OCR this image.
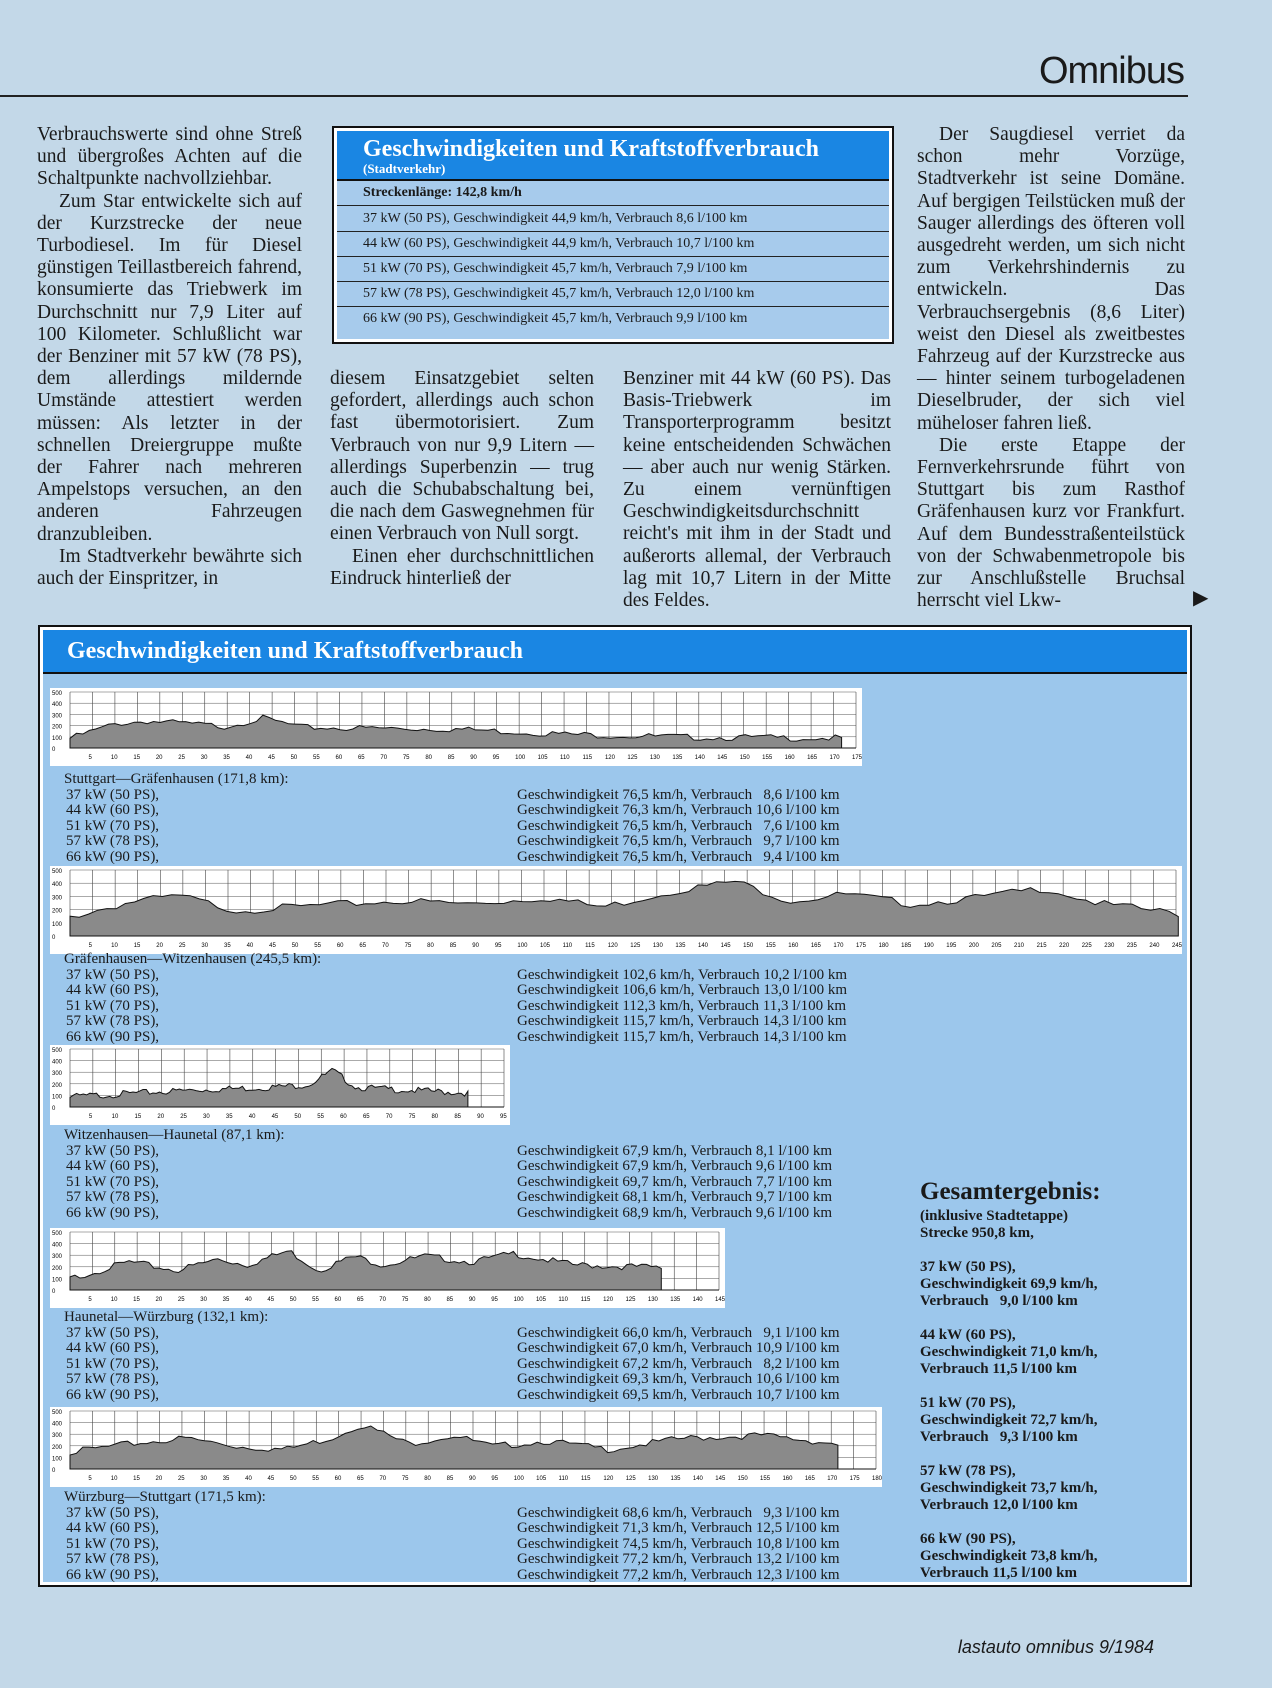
Omnibus

Verbrauchswerte sind ohne Streß und übergroßes Achten auf die Schaltpunkte nachvollziehbar.

Zum Star entwickelte sich auf der Kurzstrecke der neue Turbodiesel. Im für Diesel günstigen Teillastbereich fahrend, konsumierte das Triebwerk im Durchschnitt nur 7,9 Liter auf 100 Kilometer. Schlußlicht war der Benziner mit 57 kW (78 PS), dem allerdings mildernde Umstände attestiert werden müssen: Als letzter in der schnellen Dreiergruppe mußte der Fahrer nach mehreren Ampelstops versuchen, an den anderen Fahrzeugen dranzubleiben.

Im Stadtverkehr bewährte sich auch der Einspritzer, in

Geschwindigkeiten und Kraftstoffverbrauch
(Stadtverkehr)
Streckenlänge: 142,8 km/h
37 kW (50 PS), Geschwindigkeit 44,9 km/h, Verbrauch 8,6 l/100 km
44 kW (60 PS), Geschwindigkeit 44,9 km/h, Verbrauch 10,7 l/100 km
51 kW (70 PS), Geschwindigkeit 45,7 km/h, Verbrauch 7,9 l/100 km
57 kW (78 PS), Geschwindigkeit 45,7 km/h, Verbrauch 12,0 l/100 km
66 kW (90 PS), Geschwindigkeit 45,7 km/h, Verbrauch 9,9 l/100 km

diesem Einsatzgebiet selten gefordert, allerdings auch schon fast übermotorisiert. Zum Verbrauch von nur 9,9 Litern — allerdings Superbenzin — trug auch die Schubabschaltung bei, die nach dem Gaswegnehmen für einen Verbrauch von Null sorgt.

Einen eher durchschnittlichen Eindruck hinterließ der

Benziner mit 44 kW (60 PS). Das Basis-Triebwerk im Transporterprogramm besitzt keine entscheidenden Schwächen — aber auch nur wenig Stärken. Zu einem vernünftigen Geschwindigkeitsdurchschnitt reicht's mit ihm in der Stadt und außerorts allemal, der Verbrauch lag mit 10,7 Litern in der Mitte des Feldes.

Der Saugdiesel verriet da schon mehr Vorzüge, Stadtverkehr ist seine Domäne. Auf bergigen Teilstücken muß der Sauger allerdings des öfteren voll ausgedreht werden, um sich nicht zum Verkehrshindernis zu entwickeln. Das Verbrauchsergebnis (8,6 Liter) weist den Diesel als zweitbestes Fahrzeug auf der Kurzstrecke aus — hinter seinem turbogeladenen Dieselbruder, der sich viel müheloser fahren ließ.

Die erste Etappe der Fernverkehrsrunde führt von Stuttgart bis zum Rasthof Gräfenhausen kurz vor Frankfurt. Auf dem Bundesstraßenteilstück von der Schwabenmetropole bis zur Anschlußstelle Bruchsal herrscht viel Lkw-	▶
Geschwindigkeiten und Kraftstoffverbrauch
500
400
300
200
100
0
5	10	15	20	25	30	35	40	45	50	55	60	65	70	75	80	85	90	95	100 105 110 115 120 125 130 135 140 145 150 155 160 165 170 175
Stuttgart—Gräfenhausen (171,8 km):
37 kW (50 PS),	Geschwindigkeit 76,5 km/h, Verbrauch   8,6 l/100 km
44 kW (60 PS),	Geschwindigkeit 76,3 km/h, Verbrauch 10,6 l/100 km
51 kW (70 PS),	Geschwindigkeit 76,5 km/h, Verbrauch   7,6 l/100 km
57 kW (78 PS),	Geschwindigkeit 76,5 km/h, Verbrauch   9,7 l/100 km
66 kW (90 PS),	Geschwindigkeit 76,5 km/h, Verbrauch   9,4 l/100 km
500
400
300
200
100
0
5	10	15	20	25	30	35	40	45	50	55	60	65	70	75	80	85	90	95	100 105 110 115 120 125 130 135 140 145 150 155 160 165 170 175 180 185 190 195 200 205 210 215 220 225 230 235 240 245
Gräfenhausen—Witzenhausen (245,5 km):
37 kW (50 PS),	Geschwindigkeit 102,6 km/h, Verbrauch 10,2 l/100 km
44 kW (60 PS),	Geschwindigkeit 106,6 km/h, Verbrauch 13,0 l/100 km
51 kW (70 PS),	Geschwindigkeit 112,3 km/h, Verbrauch 11,3 l/100 km
57 kW (78 PS),	Geschwindigkeit 115,7 km/h, Verbrauch 14,3 l/100 km
66 kW (90 PS),	Geschwindigkeit 115,7 km/h, Verbrauch 14,3 l/100 km
500
400
300
200
100
0
5	10	15	20	25	30	35	40	45	50	55	60	65	70	75	80	85	90	95
Witzenhausen—Haunetal (87,1 km):
37 kW (50 PS),	Geschwindigkeit 67,9 km/h, Verbrauch 8,1 l/100 km
44 kW (60 PS),	Geschwindigkeit 67,9 km/h, Verbrauch 9,6 l/100 km
51 kW (70 PS),	Geschwindigkeit 69,7 km/h, Verbrauch 7,7 l/100 km
57 kW (78 PS),	Geschwindigkeit 68,1 km/h, Verbrauch 9,7 l/100 km
66 kW (90 PS),	Geschwindigkeit 68,9 km/h, Verbrauch 9,6 l/100 km
500
400
300
200
100
0
5	10	15	20	25	30	35	40	45	50	55	60	65	70	75	80	85	90	95	100 105 110 115 120 125 130 135 140 145
Haunetal—Würzburg (132,1 km):
37 kW (50 PS),	Geschwindigkeit 66,0 km/h, Verbrauch   9,1 l/100 km
44 kW (60 PS),	Geschwindigkeit 67,0 km/h, Verbrauch 10,9 l/100 km
51 kW (70 PS),	Geschwindigkeit 67,2 km/h, Verbrauch   8,2 l/100 km
57 kW (78 PS),	Geschwindigkeit 69,3 km/h, Verbrauch 10,6 l/100 km
66 kW (90 PS),	Geschwindigkeit 69,5 km/h, Verbrauch 10,7 l/100 km
500
400
300
200
100
0
5	10	15	20	25	30	35	40	45	50	55	60	65	70	75	80	85	90	95	100 105 110 115 120 125 130 135 140 145 150 155 160 165 170 175 180
Würzburg—Stuttgart (171,5 km):
37 kW (50 PS),	Geschwindigkeit 68,6 km/h, Verbrauch   9,3 l/100 km
44 kW (60 PS),	Geschwindigkeit 71,3 km/h, Verbrauch 12,5 l/100 km
51 kW (70 PS),	Geschwindigkeit 74,5 km/h, Verbrauch 10,8 l/100 km
57 kW (78 PS),	Geschwindigkeit 77,2 km/h, Verbrauch 13,2 l/100 km
66 kW (90 PS),	Geschwindigkeit 77,2 km/h, Verbrauch 12,3 l/100 km
Gesamtergebnis:
(inklusive Stadtetappe)
Strecke 950,8 km,
37 kW (50 PS),
Geschwindigkeit 69,9 km/h,
Verbrauch   9,0 l/100 km
44 kW (60 PS),
Geschwindigkeit 71,0 km/h,
Verbrauch 11,5 l/100 km
51 kW (70 PS),
Geschwindigkeit 72,7 km/h,
Verbrauch   9,3 l/100 km
57 kW (78 PS),
Geschwindigkeit 73,7 km/h,
Verbrauch 12,0 l/100 km
66 kW (90 PS),
Geschwindigkeit 73,8 km/h,
Verbrauch 11,5 l/100 km
lastauto omnibus 9/1984
